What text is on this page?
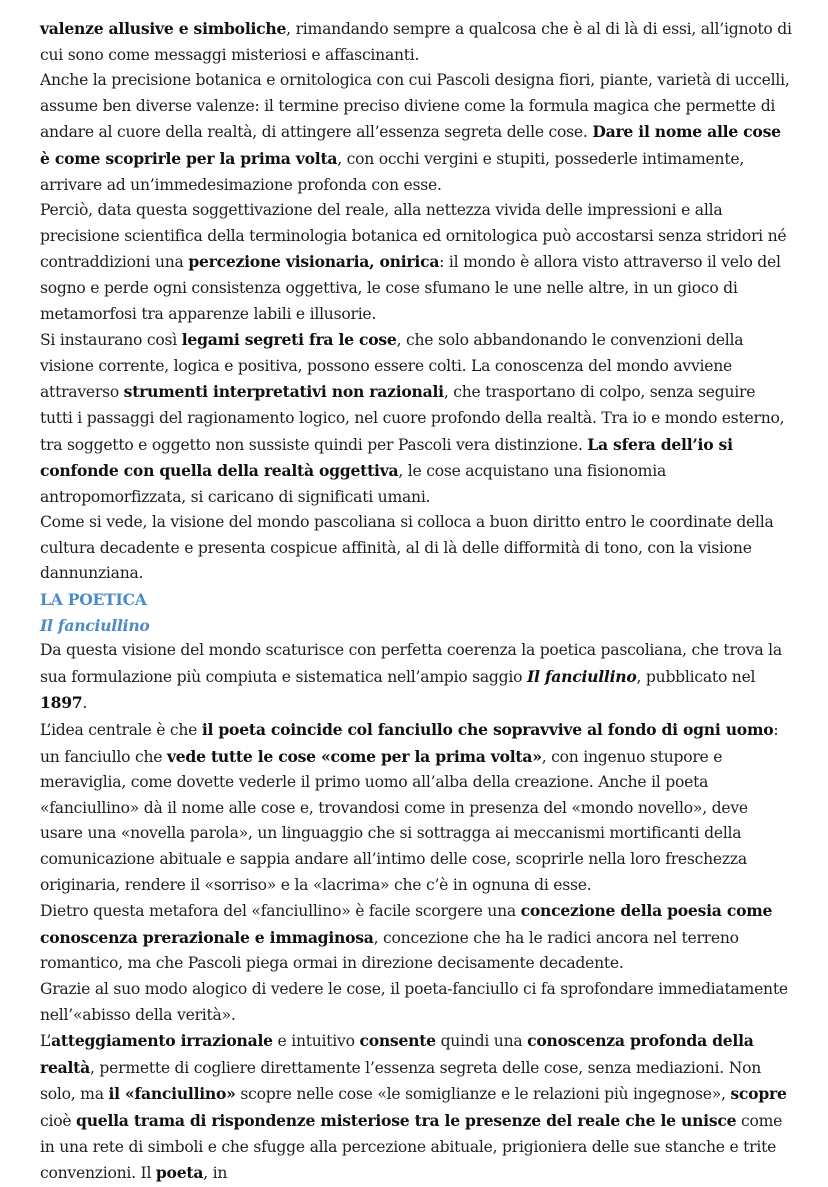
valenze allusive e simboliche, rimandando sempre a qualcosa che è al di là di essi, all’ignoto di cui sono come messaggi misteriosi e affascinanti.

Anche la precisione botanica e ornitologica con cui Pascoli designa fiori, piante, varietà di uccelli, assume ben diverse valenze: il termine preciso diviene come la formula magica che permette di andare al cuore della realtà, di attingere all’essenza segreta delle cose. Dare il nome alle cose è come scoprirle per la prima volta, con occhi vergini e stupiti, possederle intimamente, arrivare ad un’immedesimazione profonda con esse.

Perciò, data questa soggettivazione del reale, alla nettezza vivida delle impressioni e alla precisione scientifica della terminologia botanica ed ornitologica può accostarsi senza stridori né contraddizioni una percezione visionaria, onirica: il mondo è allora visto attraverso il velo del sogno e perde ogni consistenza oggettiva, le cose sfumano le une nelle altre, in un gioco di metamorfosi tra apparenze labili e illusorie.

Si instaurano così legami segreti fra le cose, che solo abbandonando le convenzioni della visione corrente, logica e positiva, possono essere colti. La conoscenza del mondo avviene attraverso strumenti interpretativi non razionali, che trasportano di colpo, senza seguire tutti i passaggi del ragionamento logico, nel cuore profondo della realtà. Tra io e mondo esterno, tra soggetto e oggetto non sussiste quindi per Pascoli vera distinzione. La sfera dell’io si confonde con quella della realtà oggettiva, le cose acquistano una fisionomia antropomorfizzata, si caricano di significati umani.

Come si vede, la visione del mondo pascoliana si colloca a buon diritto entro le coordinate della cultura decadente e presenta cospicue affinità, al di là delle difformità di tono, con la visione dannunziana.

LA POETICA

Il fanciullino

Da questa visione del mondo scaturisce con perfetta coerenza la poetica pascoliana, che trova la sua formulazione più compiuta e sistematica nell’ampio saggio Il fanciullino, pubblicato nel 1897.

L’idea centrale è che il poeta coincide col fanciullo che sopravvive al fondo di ogni uomo: un fanciullo che vede tutte le cose «come per la prima volta», con ingenuo stupore e meraviglia, come dovette vederle il primo uomo all’alba della creazione. Anche il poeta «fanciullino» dà il nome alle cose e, trovandosi come in presenza del «mondo novello», deve usare una «novella parola», un linguaggio che si sottragga ai meccanismi mortificanti della comunicazione abituale e sappia andare all’intimo delle cose, scoprirle nella loro freschezza originaria, rendere il «sorriso» e la «lacrima» che c’è in ognuna di esse.

Dietro questa metafora del «fanciullino» è facile scorgere una concezione della poesia come conoscenza prerazionale e immaginosa, concezione che ha le radici ancora nel terreno romantico, ma che Pascoli piega ormai in direzione decisamente decadente.

Grazie al suo modo alogico di vedere le cose, il poeta-fanciullo ci fa sprofondare immediatamente nell’«abisso della verità».

L’atteggiamento irrazionale e intuitivo consente quindi una conoscenza profonda della realtà, permette di cogliere direttamente l’essenza segreta delle cose, senza mediazioni. Non solo, ma il «fanciullino» scopre nelle cose «le somiglianze e le relazioni più ingegnose», scopre cioè quella trama di rispondenze misteriose tra le presenze del reale che le unisce come in una rete di simboli e che sfugge alla percezione abituale, prigioniera delle sue stanche e trite convenzioni. Il poeta, in
